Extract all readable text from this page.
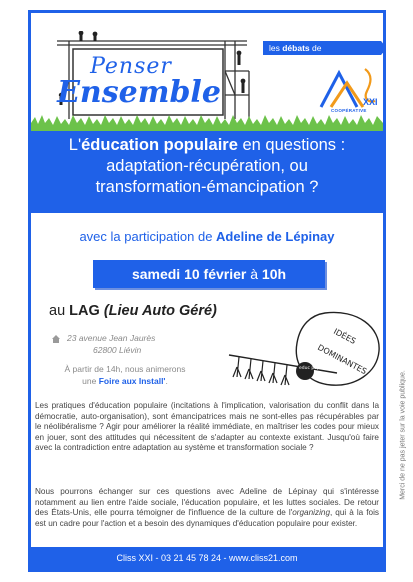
Penser
Ensemble
les débats de
XXI
COOPÉRATIVE
L'éducation populaire en questions :
adaptation-récupération, ou
transformation-émancipation ?
avec la participation de Adeline de Lépinay
samedi 10 février à 10h
au LAG (Lieu Auto Géré)
23 avenue Jean Jaurès
62800 Liévin
À partir de 14h, nous animerons
une Foire aux Install'.
IDÉES
DOMINANTES
educ pop
Les pratiques d'éducation populaire (incitations à l'implication, valorisation du conflit dans la démocratie, auto-organisation), sont émancipatrices mais ne sont-elles pas récupérables par le néolibéralisme ? Agir pour améliorer la réalité immédiate, en maîtriser les codes pour mieux en jouer, sont des attitudes qui nécessitent de s'adapter au contexte existant. Jusqu'où faire avec la contradiction entre adaptation au système et transformation sociale ?
Nous pourrons échanger sur ces questions avec Adeline de Lépinay qui s'intéresse notamment au lien entre l'aide sociale, l'éducation populaire, et les luttes sociales. De retour des États-Unis, elle pourra témoigner de l'influence de la culture de l'organizing, qui à la fois est un cadre pour l'action et a besoin des dynamiques d'éducation populaire pour exister.
Cliss XXI - 03 21 45 78 24 - www.cliss21.com
Merci de ne pas jeter sur la voie publique.
